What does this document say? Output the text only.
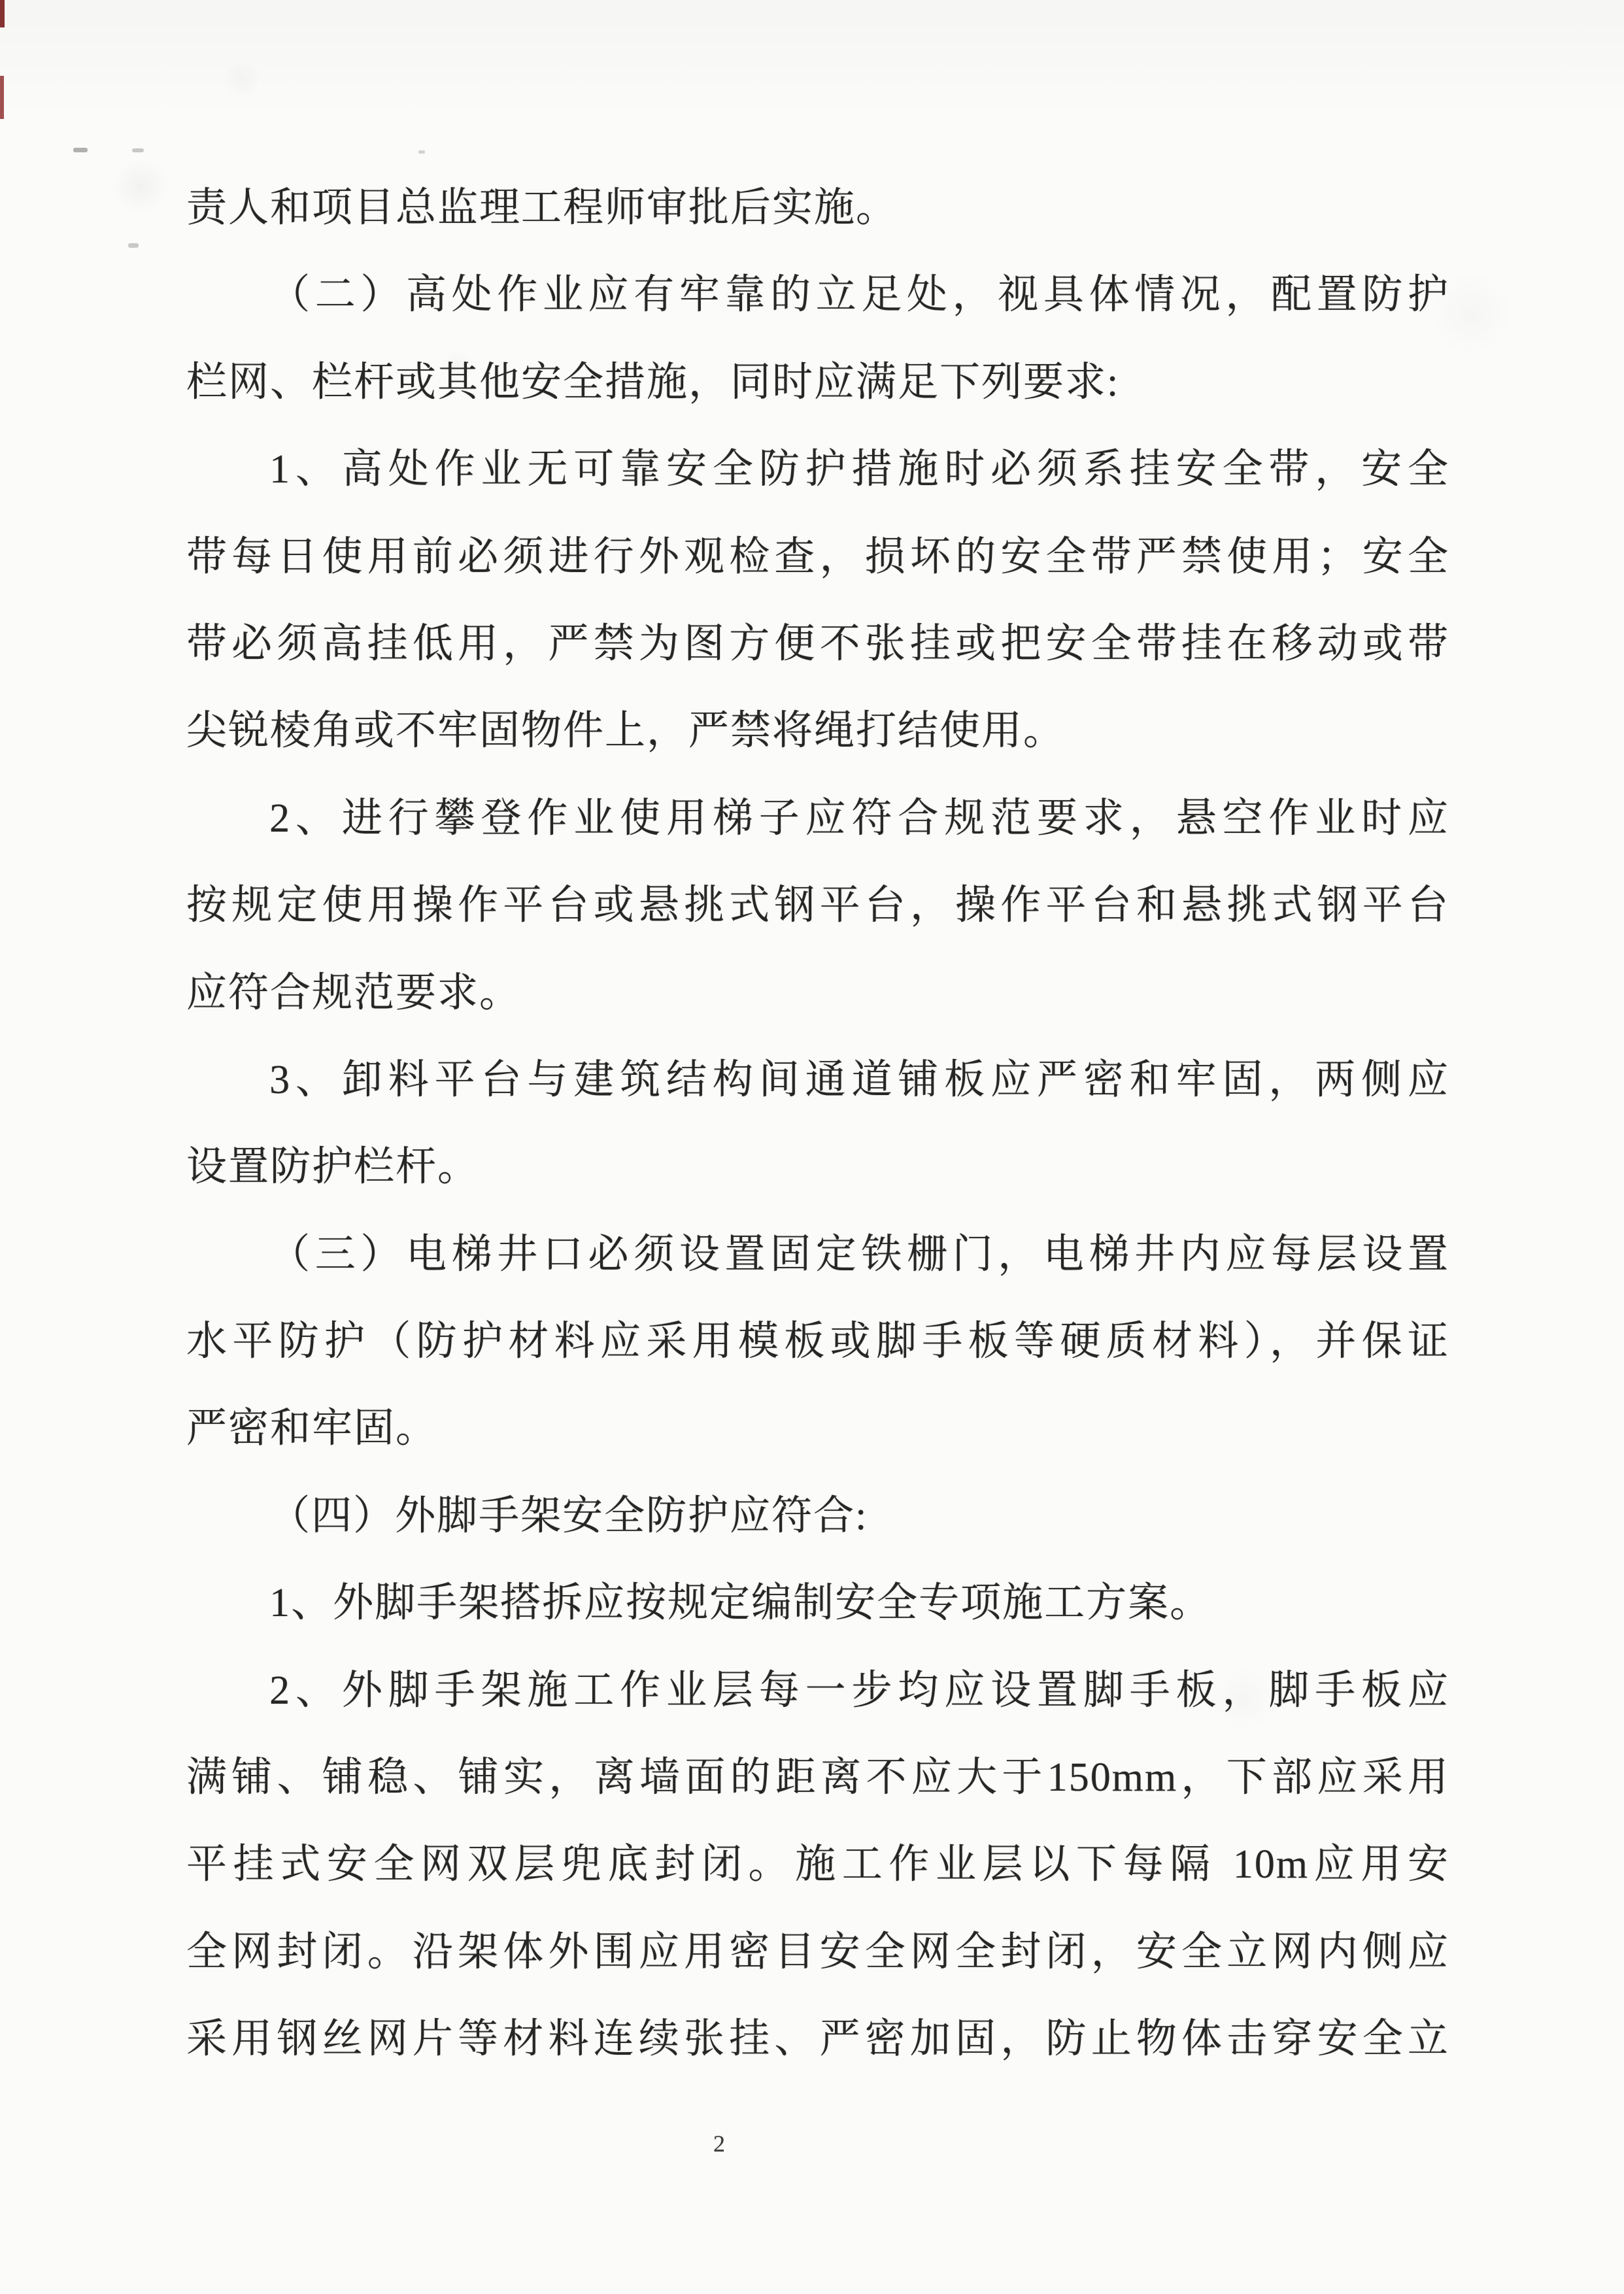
责人和项目总监理工程师审批后实施。
（二）高处作业应有牢靠的立足处，视具体情况，配置防护
栏网、栏杆或其他安全措施，同时应满足下列要求:
1、高处作业无可靠安全防护措施时必须系挂安全带，安全
带每日使用前必须进行外观检查，损坏的安全带严禁使用；安全
带必须高挂低用，严禁为图方便不张挂或把安全带挂在移动或带
尖锐棱角或不牢固物件上，严禁将绳打结使用。
2、进行攀登作业使用梯子应符合规范要求，悬空作业时应
按规定使用操作平台或悬挑式钢平台，操作平台和悬挑式钢平台
应符合规范要求。
3、卸料平台与建筑结构间通道铺板应严密和牢固，两侧应
设置防护栏杆。
（三）电梯井口必须设置固定铁栅门，电梯井内应每层设置
水平防护（防护材料应采用模板或脚手板等硬质材料），并保证
严密和牢固。
（四）外脚手架安全防护应符合:
1、外脚手架搭拆应按规定编制安全专项施工方案。
2、外脚手架施工作业层每一步均应设置脚手板，脚手板应
满铺、铺稳、铺实，离墙面的距离不应大于150mm，下部应采用
平挂式安全网双层兜底封闭。施工作业层以下每隔 10m应用安
全网封闭。沿架体外围应用密目安全网全封闭，安全立网内侧应
采用钢丝网片等材料连续张挂、严密加固，防止物体击穿安全立
2
